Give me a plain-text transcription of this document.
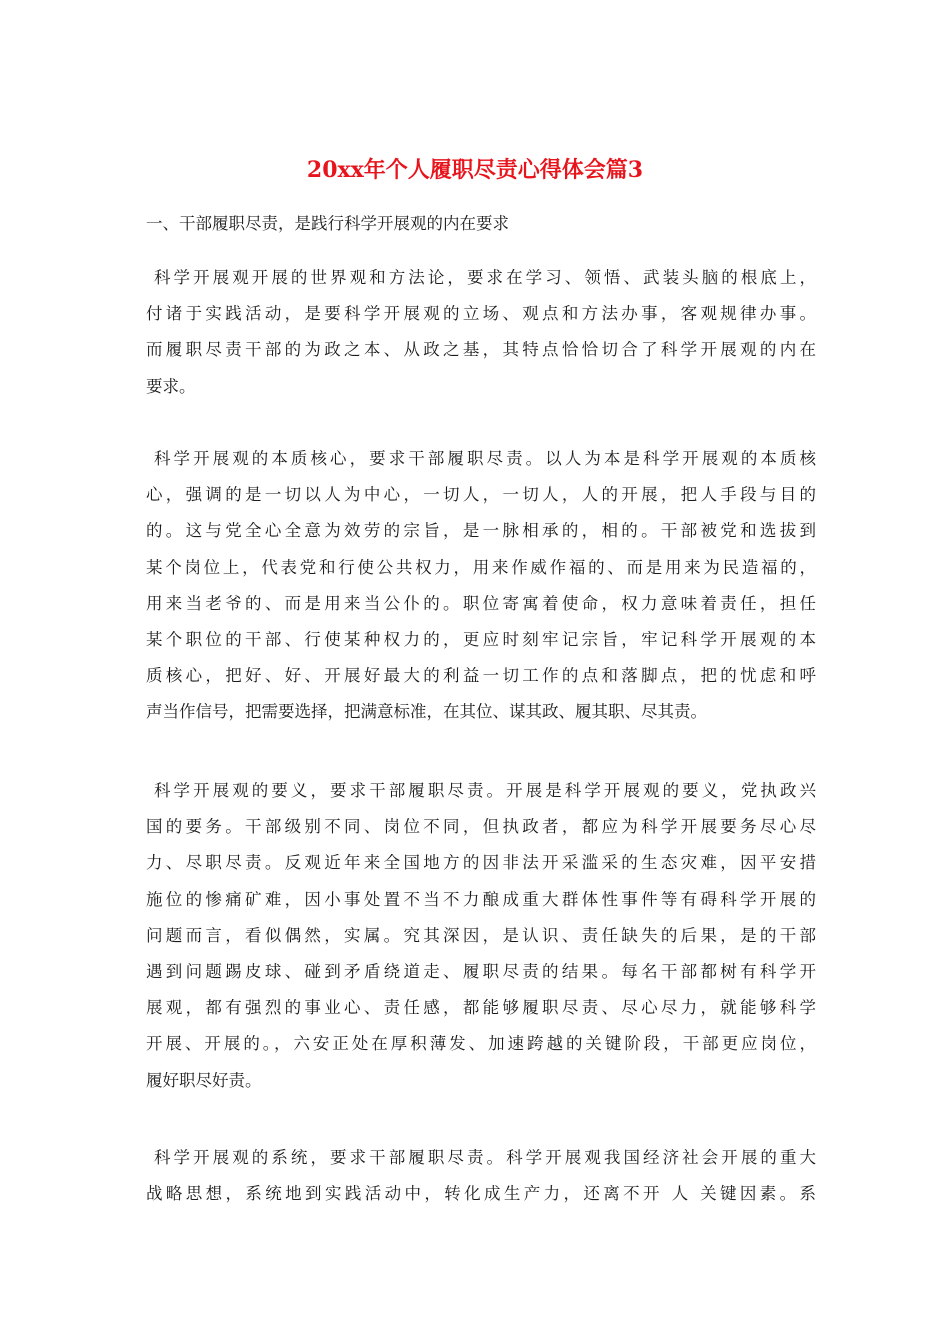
20xx年个人履职尽责心得体会篇3

一、干部履职尽责，是践行科学开展观的内在要求

科学开展观开展的世界观和方法论，要求在学习、领悟、武装头脑的根底上，
付诸于实践活动，是要科学开展观的立场、观点和方法办事，客观规律办事。
而履职尽责干部的为政之本、从政之基，其特点恰恰切合了科学开展观的内在
要求。
科学开展观的本质核心，要求干部履职尽责。以人为本是科学开展观的本质核
心，强调的是一切以人为中心，一切人，一切人，人的开展，把人手段与目的
的。这与党全心全意为效劳的宗旨，是一脉相承的，相的。干部被党和选拔到
某个岗位上，代表党和行使公共权力，用来作威作福的、而是用来为民造福的，
用来当老爷的、而是用来当公仆的。职位寄寓着使命，权力意味着责任，担任
某个职位的干部、行使某种权力的，更应时刻牢记宗旨，牢记科学开展观的本
质核心，把好、好、开展好最大的利益一切工作的点和落脚点，把的忧虑和呼
声当作信号，把需要选择，把满意标准，在其位、谋其政、履其职、尽其责。
科学开展观的要义，要求干部履职尽责。开展是科学开展观的要义，党执政兴
国的要务。干部级别不同、岗位不同，但执政者，都应为科学开展要务尽心尽
力、尽职尽责。反观近年来全国地方的因非法开采滥采的生态灾难，因平安措
施位的惨痛矿难，因小事处置不当不力酿成重大群体性事件等有碍科学开展的
问题而言，看似偶然，实属。究其深因，是认识、责任缺失的后果，是的干部
遇到问题踢皮球、碰到矛盾绕道走、履职尽责的结果。每名干部都树有科学开
展观，都有强烈的事业心、责任感，都能够履职尽责、尽心尽力，就能够科学
开展、开展的。，六安正处在厚积薄发、加速跨越的关键阶段，干部更应岗位，
履好职尽好责。
科学开展观的系统，要求干部履职尽责。科学开展观我国经济社会开展的重大
战略思想，系统地到实践活动中，转化成生产力，还离不开 人 关键因素。系
